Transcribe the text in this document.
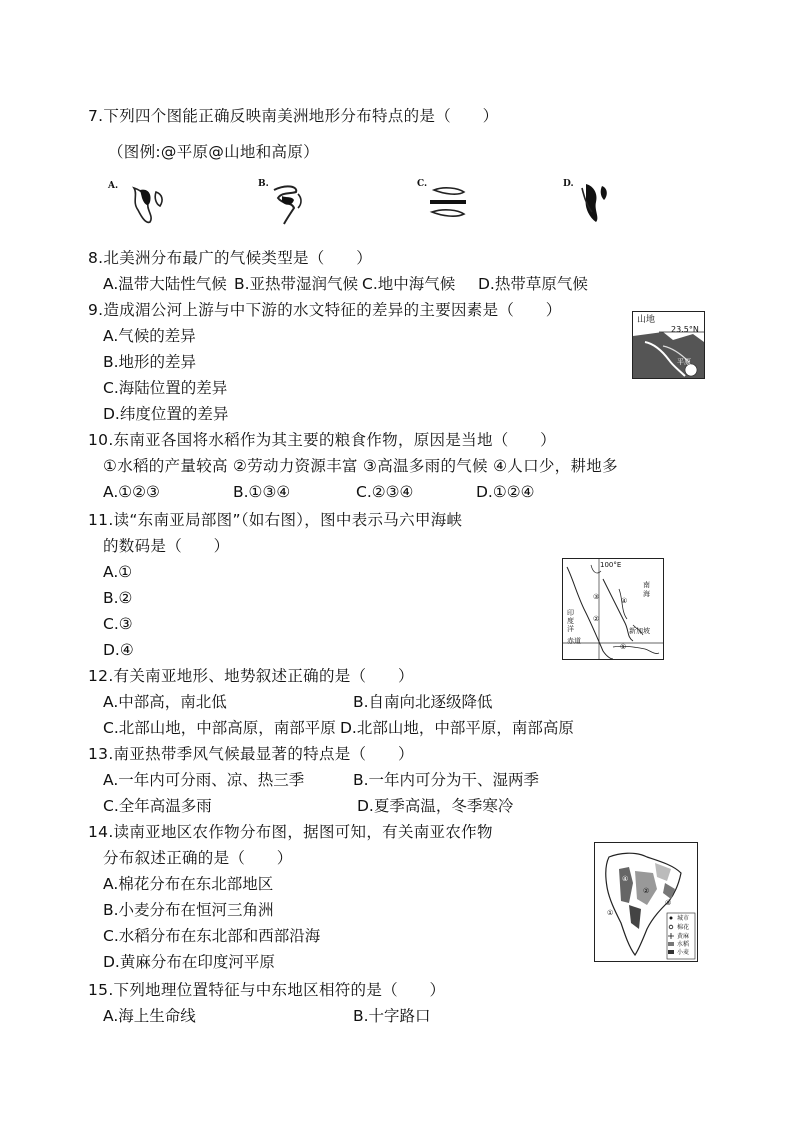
7.下列四个图能正确反映南美洲地形分布特点的是（　　）
（图例:@平原@山地和高原）
A.	B.	C.	D.
8.北美洲分布最广的气候类型是（　　）
A.温带大陆性气候 B.亚热带湿润气候 C.地中海气候 D.热带草原气候
9.造成湄公河上游与中下游的水文特征的差异的主要因素是（　　）
A.气候的差异
B.地形的差异
C.海陆位置的差异
D.纬度位置的差异
山地
23.5°N
平原
10.东南亚各国将水稻作为其主要的粮食作物，原因是当地（　　）
①水稻的产量较高 ②劳动力资源丰富 ③高温多雨的气候 ④人口少，耕地多
A.①②③	B.①③④	C.②③④	D.①②④
11.读“东南亚局部图”（如右图），图中表示马六甲海峡
的数码是（　　）
A.①
B.②
C.③
D.④
100°E
南
海
③	④
②
印
度
洋
赤道
新加坡
①
12.有关南亚地形、地势叙述正确的是（　　）
A.中部高，南北低	B.自南向北逐级降低
C.北部山地，中部高原，南部平原 D.北部山地，中部平原，南部高原
13.南亚热带季风气候最显著的特点是（　　）
A.一年内可分雨、凉、热三季	B.一年内可分为干、湿两季
C.全年高温多雨	D.夏季高温，冬季寒冷
14.读南亚地区农作物分布图，据图可知，有关南亚农作物
分布叙述正确的是（　　）
A.棉花分布在东北部地区
B.小麦分布在恒河三角洲
C.水稻分布在东北部和西部沿海
D.黄麻分布在印度河平原
④
②
①
③
城市
棉花
黄麻
水稻
小麦
15.下列地理位置特征与中东地区相符的是（　　）
A.海上生命线	B.十字路口
